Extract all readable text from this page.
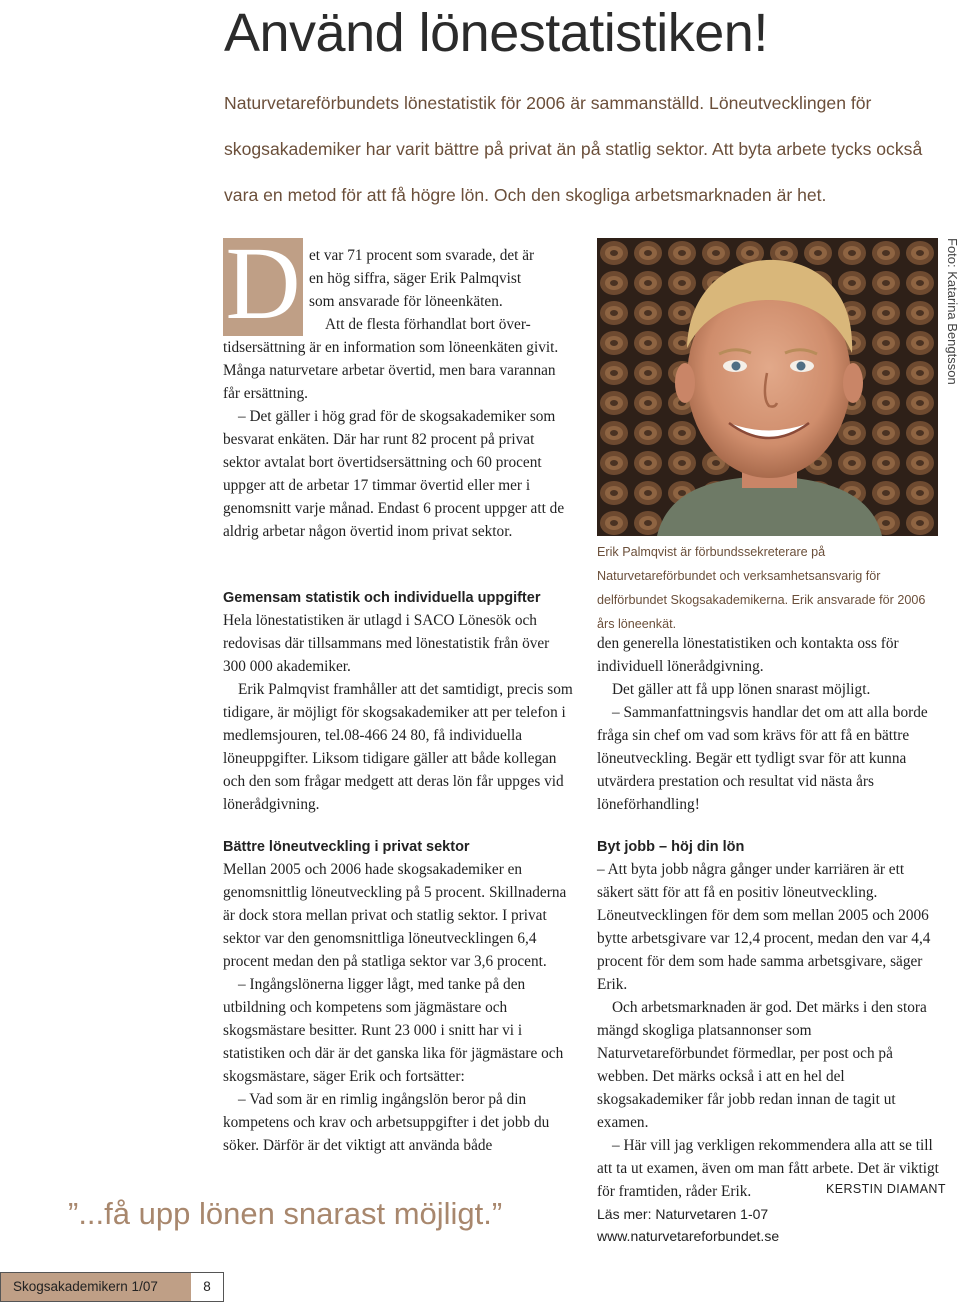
Använd lönestatistiken!
Naturvetareförbundets lönestatistik för 2006 är sammanställd. Löneutvecklingen för skogsakademiker har varit bättre på privat än på statlig sektor. Att byta arbete tycks också vara en metod för att få högre lön. Och den skogliga arbetsmarknaden är het.
D et var 71 procent som svarade, det är
en hög siffra, säger Erik Palmqvist
som ansvarade för löneenkäten.

Att de flesta förhandlat bort över-tidsersättning är en information som löneenkäten givit. Många naturvetare arbetar övertid, men bara varannan får ersättning.

– Det gäller i hög grad för de skogsakademiker som besvarat enkäten. Där har runt 82 procent på privat sektor avtalat bort övertidsersättning och 60 procent uppger att de arbetar 17 timmar övertid eller mer i genomsnitt varje månad. Endast 6 procent uppger att de aldrig arbetar någon övertid inom privat sektor.

Gemensam statistik och individuella uppgifter

Hela lönestatistiken är utlagd i SACO Lönesök och redovisas där tillsammans med lönestatistik från över 300 000 akademiker.

Erik Palmqvist framhåller att det samtidigt, precis som tidigare, är möjligt för skogsakademiker att per telefon i medlemsjouren, tel.08-466 24 80, få individuella löneuppgifter. Liksom tidigare gäller att både kollegan och den som frågar medgett att deras lön får uppges vid lönerådgivning.

Bättre löneutveckling i privat sektor

Mellan 2005 och 2006 hade skogsakademiker en genomsnittlig löneutveckling på 5 procent. Skillnaderna är dock stora mellan privat och statlig sektor. I privat sektor var den genomsnittliga löneutvecklingen 6,4 procent medan den på statliga sektor var 3,6 procent.

– Ingångslönerna ligger lågt, med tanke på den utbildning och kompetens som jägmästare och skogsmästare besitter. Runt 23 000 i snitt har vi i statistiken och där är det ganska lika för jägmästare och skogsmästare, säger Erik och fortsätter:

– Vad som är en rimlig ingångslön beror på din kompetens och krav och arbetsuppgifter i det jobb du söker. Därför är det viktigt att använda både

Foto: Katarina Bengtsson
Erik Palmqvist är förbundssekreterare på Naturvetareförbundet och verksamhetsansvarig för delförbundet Skogsakademikerna. Erik ansvarade för 2006 års löneenkät.

den generella lönestatistiken och kontakta oss för individuell lönerådgivning.

Det gäller att få upp lönen snarast möjligt.

– Sammanfattningsvis handlar det om att alla borde fråga sin chef om vad som krävs för att få en bättre löneutveckling. Begär ett tydligt svar för att kunna utvärdera prestation och resultat vid nästa års löneförhandling!

Byt jobb – höj din lön

– Att byta jobb några gånger under karriären är ett säkert sätt för att få en positiv löneutveckling. Löneutvecklingen för dem som mellan 2005 och 2006 bytte arbetsgivare var 12,4 procent, medan den var 4,4 procent för dem som hade samma arbetsgivare, säger Erik.

Och arbetsmarknaden är god. Det märks i den stora mängd skogliga platsannonser som Naturvetareförbundet förmedlar, per post och på webben. Det märks också i att en hel del skogsakademiker får jobb redan innan de tagit ut examen.

– Här vill jag verkligen rekommendera alla att se till att ta ut examen, även om man fått arbete. Det är viktigt för framtiden, råder Erik.	KERSTIN DIAMANT
Läs mer: Naturvetaren 1-07
www.naturvetareforbundet.se
”...få upp lönen snarast möjligt.”
Skogsakademikern 1/07	8
